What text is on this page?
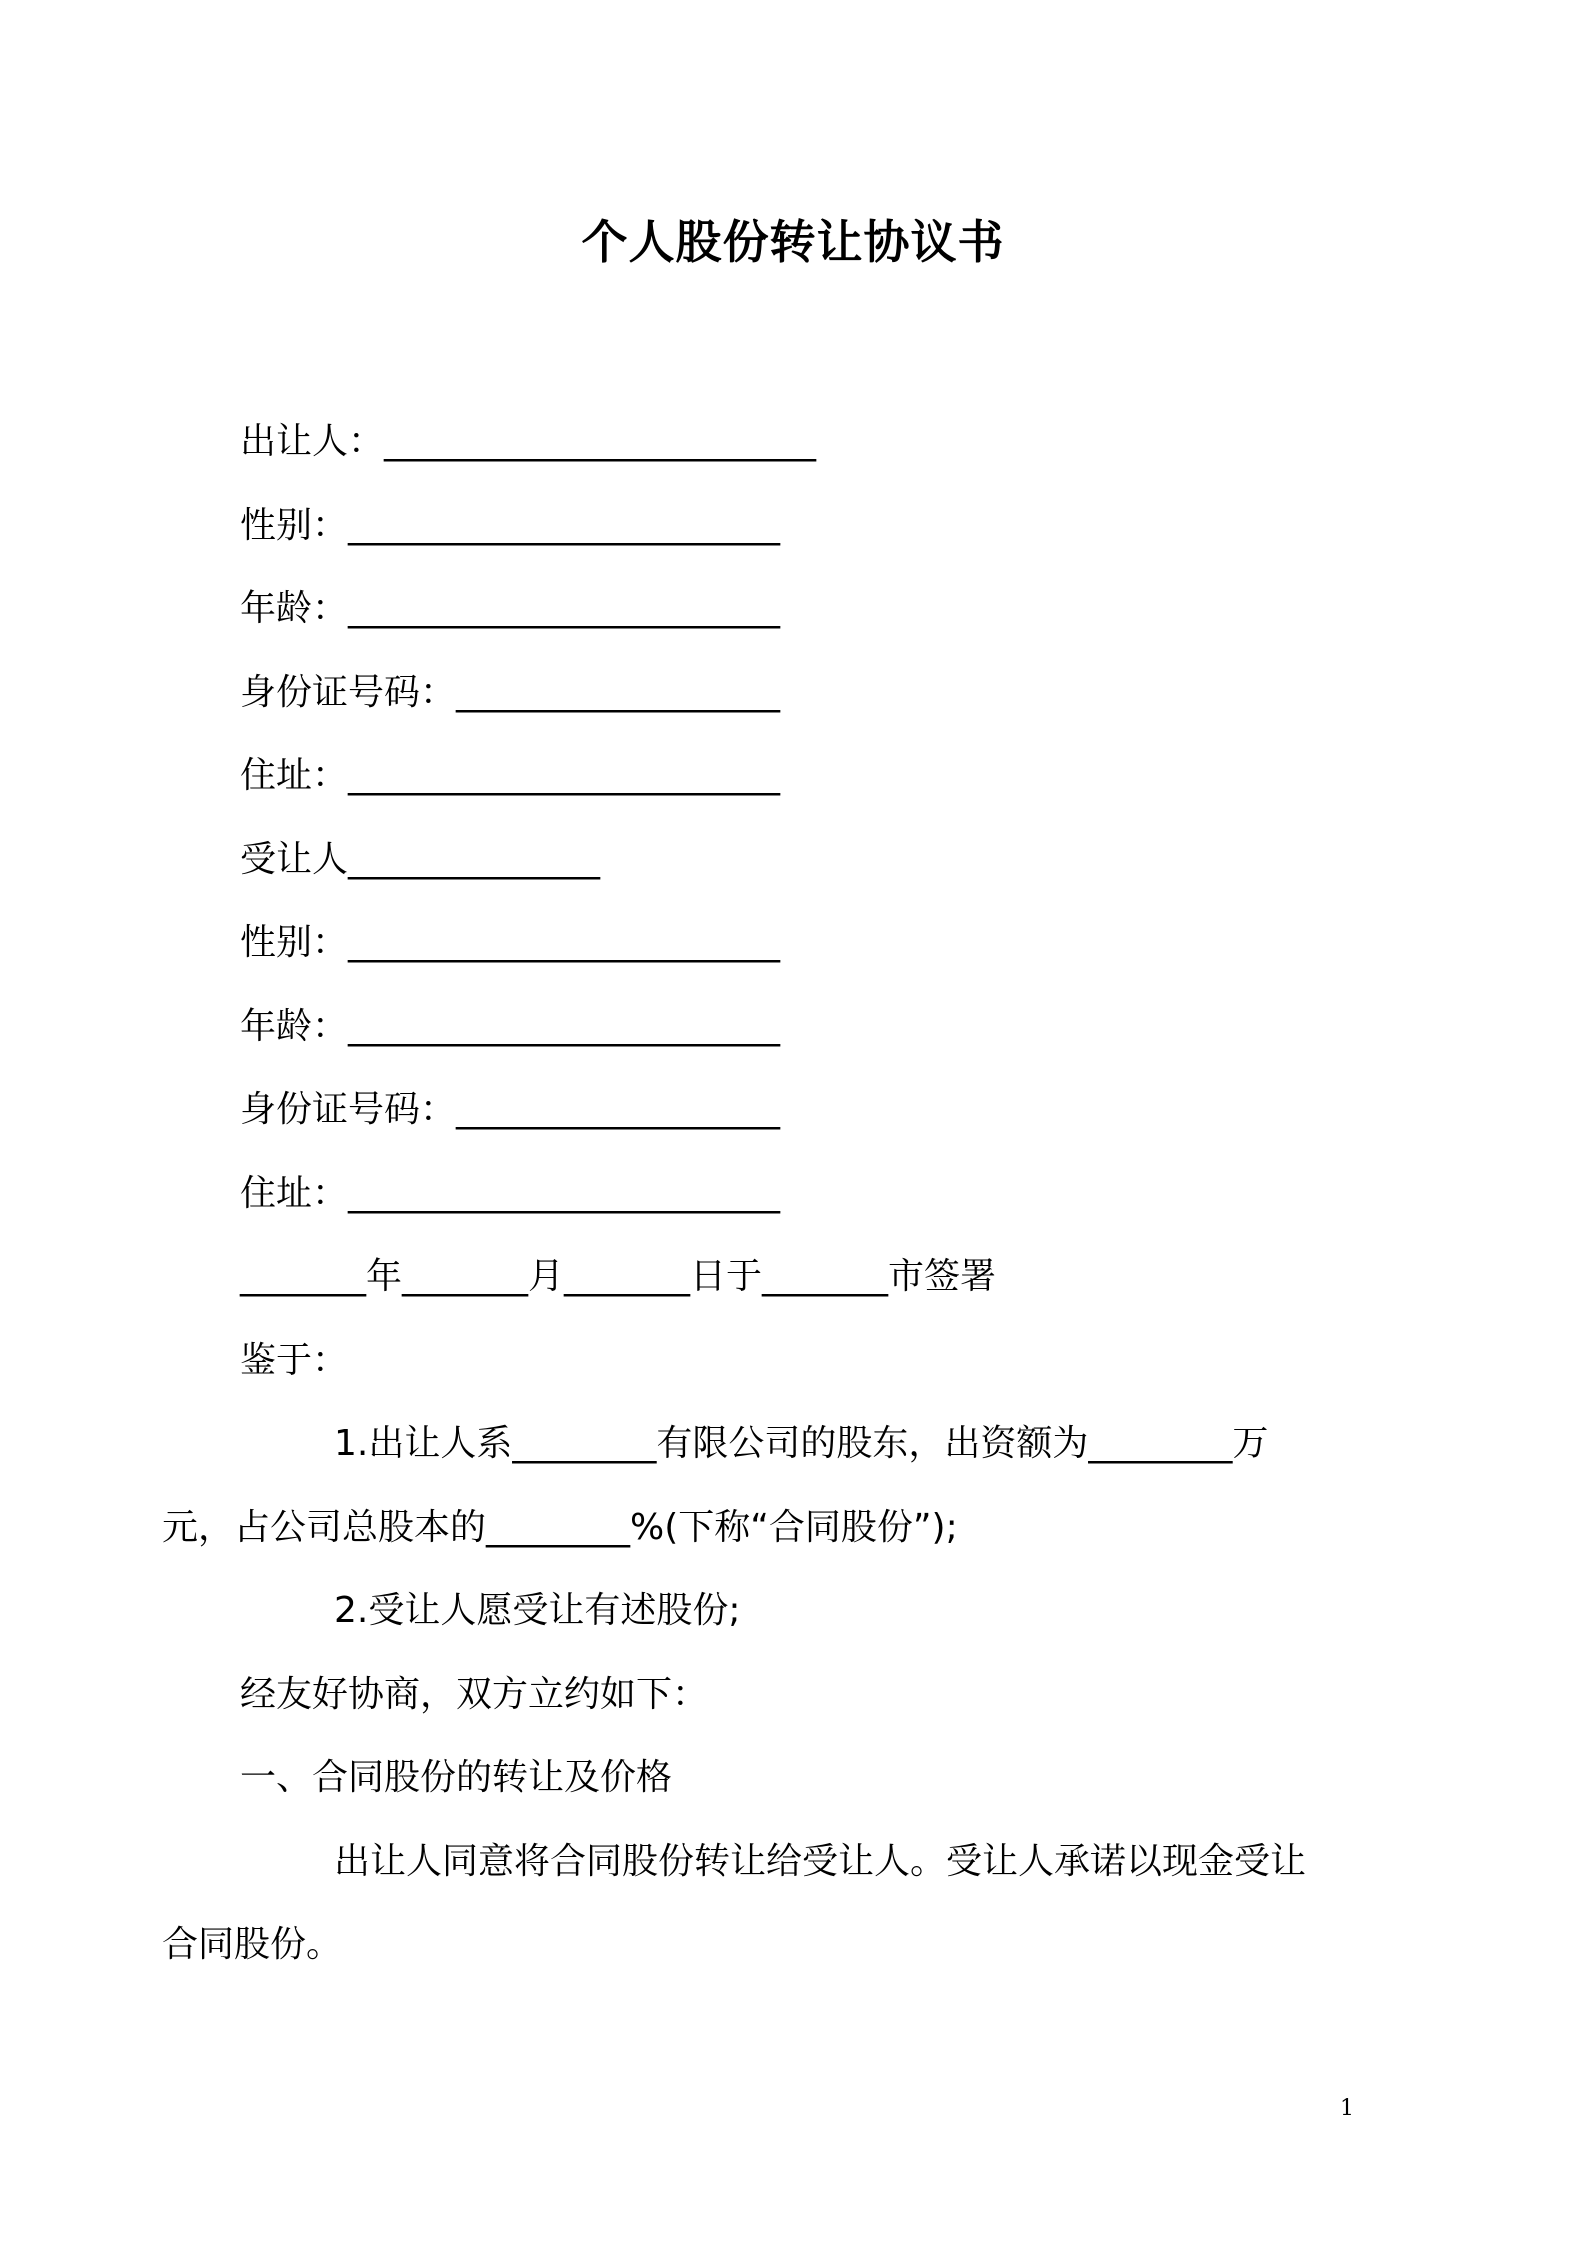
个人股份转让协议书
出让人：________________________
性别：________________________
年龄：________________________
身份证号码：__________________
住址：________________________
受让人______________
性别：________________________
年龄：________________________
身份证号码：__________________
住址：________________________
_______年_______月_______日于_______市签署
鉴于：
1.出让人系________有限公司的股东，出资额为________万
元，占公司总股本的________%(下称“合同股份”);
2.受让人愿受让有述股份;
经友好协商，双方立约如下：
一、合同股份的转让及价格
出让人同意将合同股份转让给受让人。受让人承诺以现金受让
合同股份。
1
